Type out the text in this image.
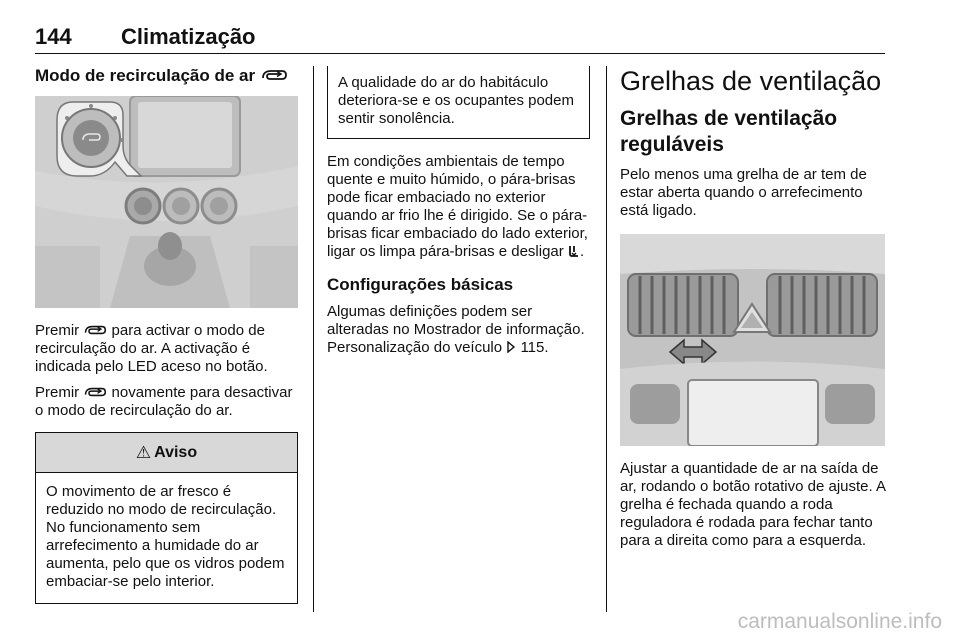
144 Climatização
Modo de recirculação de ar
Premir para activar o modo de recirculação do ar. A activação é indicada pelo LED aceso no botão.
Premir novamente para desactivar o modo de recirculação do ar.
⚠ Aviso
O movimento de ar fresco é reduzido no modo de recirculação. No funcionamento sem arrefecimento a humidade do ar aumenta, pelo que os vidros podem embaciar-se pelo interior.
A qualidade do ar do habitáculo deteriora-se e os ocupantes podem sentir sonolência.
Em condições ambientais de tempo quente e muito húmido, o pára-brisas pode ficar embaciado no exterior quando ar frio lhe é dirigido. Se o pára-brisas ficar embaciado do lado exterior, ligar os limpa pára-brisas e desligar .
Configurações básicas
Algumas definições podem ser alteradas no Mostrador de informação. Personalização do veículo 115.
Grelhas de ventilação
Grelhas de ventilação reguláveis
Pelo menos uma grelha de ar tem de estar aberta quando o arrefecimento está ligado.
Ajustar a quantidade de ar na saída de ar, rodando o botão rotativo de ajuste. A grelha é fechada quando a roda reguladora é rodada para fechar tanto para a direita como para a esquerda.
carmanualsonline.info
